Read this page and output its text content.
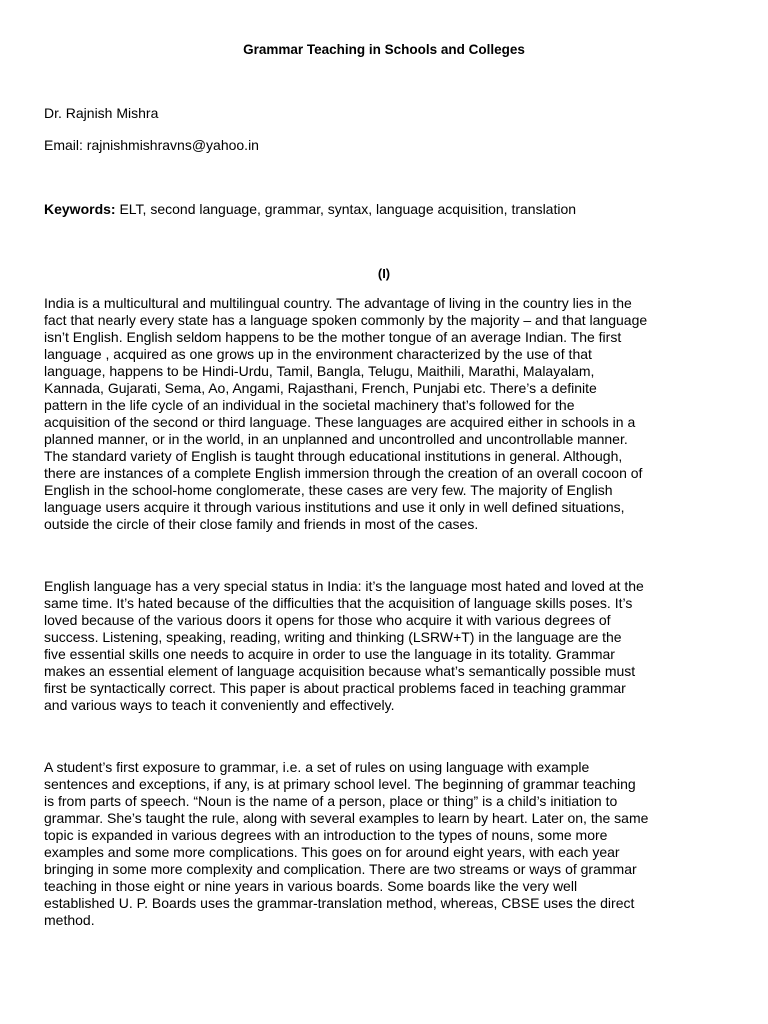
Grammar Teaching in Schools and Colleges
Dr. Rajnish Mishra
Email: rajnishmishravns@yahoo.in
Keywords: ELT, second language, grammar, syntax, language acquisition, translation
(I)
India is a multicultural and multilingual country. The advantage of living in the country lies in the
fact that nearly every state has a language spoken commonly by the majority – and that language
isn’t English. English seldom happens to be the mother tongue of an average Indian. The first
language , acquired as one grows up in the environment characterized by the use of that
language, happens to be Hindi-Urdu, Tamil, Bangla, Telugu, Maithili, Marathi, Malayalam,
Kannada, Gujarati, Sema, Ao, Angami, Rajasthani, French, Punjabi etc. There’s a definite
pattern in the life cycle of an individual in the societal machinery that’s followed for the
acquisition of the second or third language. These languages are acquired either in schools in a
planned manner, or in the world, in an unplanned and uncontrolled and uncontrollable manner.
The standard variety of English is taught through educational institutions in general. Although,
there are instances of a complete English immersion through the creation of an overall cocoon of
English in the school-home conglomerate, these cases are very few. The majority of English
language users acquire it through various institutions and use it only in well defined situations,
outside the circle of their close family and friends in most of the cases.
English language has a very special status in India: it’s the language most hated and loved at the
same time. It’s hated because of the difficulties that the acquisition of language skills poses. It’s
loved because of the various doors it opens for those who acquire it with various degrees of
success. Listening, speaking, reading, writing and thinking (LSRW+T) in the language are the
five essential skills one needs to acquire in order to use the language in its totality. Grammar
makes an essential element of language acquisition because what’s semantically possible must
first be syntactically correct. This paper is about practical problems faced in teaching grammar
and various ways to teach it conveniently and effectively.
A student’s first exposure to grammar, i.e. a set of rules on using language with example
sentences and exceptions, if any, is at primary school level. The beginning of grammar teaching
is from parts of speech. “Noun is the name of a person, place or thing” is a child’s initiation to
grammar. She’s taught the rule, along with several examples to learn by heart. Later on, the same
topic is expanded in various degrees with an introduction to the types of nouns, some more
examples and some more complications. This goes on for around eight years, with each year
bringing in some more complexity and complication. There are two streams or ways of grammar
teaching in those eight or nine years in various boards. Some boards like the very well
established U. P. Boards uses the grammar-translation method, whereas, CBSE uses the direct
method.
